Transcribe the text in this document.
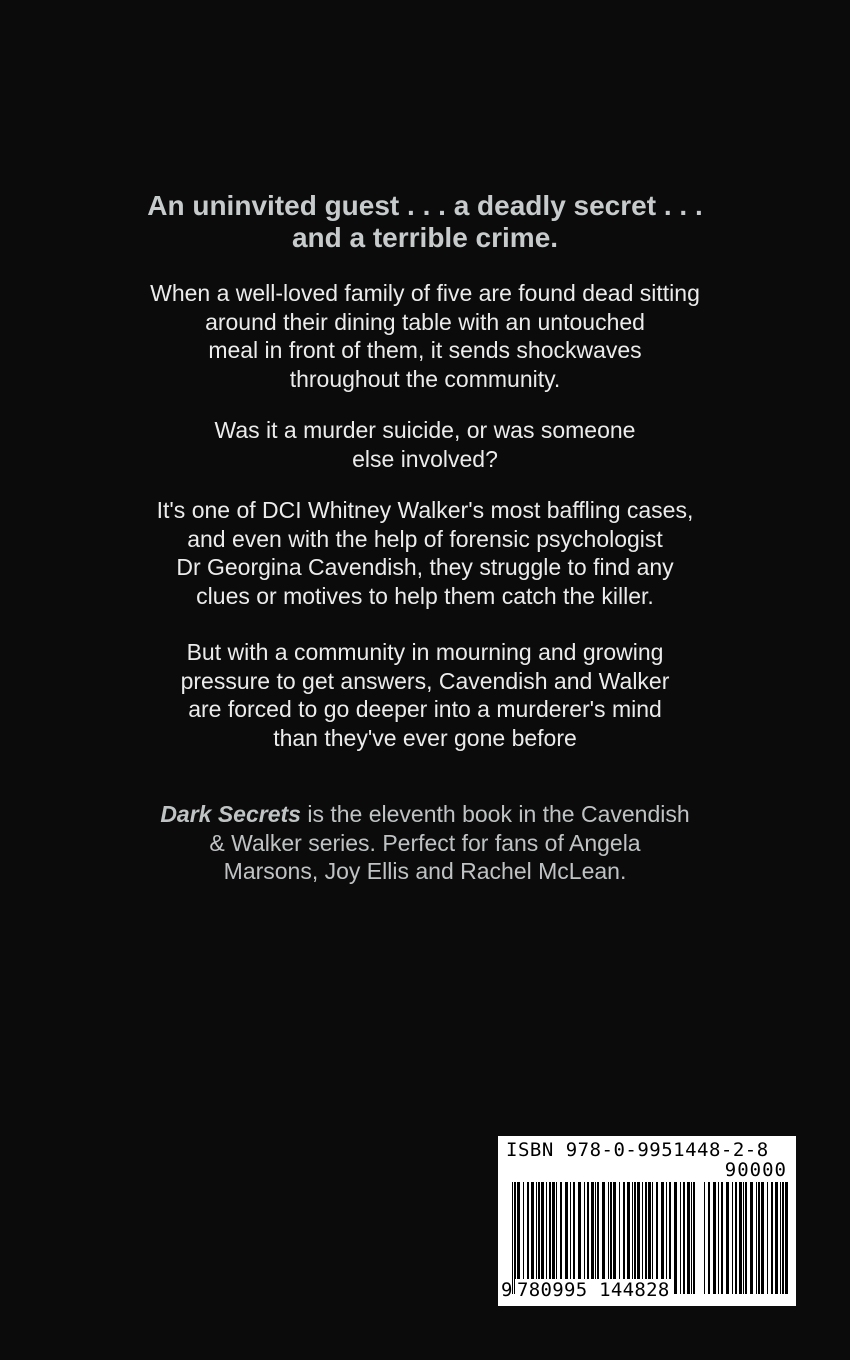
An uninvited guest . . . a deadly secret . . .
and a terrible crime.
When a well-loved family of five are found dead sitting
around their dining table with an untouched
meal in front of them, it sends shockwaves
throughout the community.
Was it a murder suicide, or was someone
else involved?
It's one of DCI Whitney Walker's most baffling cases,
and even with the help of forensic psychologist
Dr Georgina Cavendish, they struggle to find any
clues or motives to help them catch the killer.
But with a community in mourning and growing
pressure to get answers, Cavendish and Walker
are forced to go deeper into a murderer's mind
than they've ever gone before
Dark Secrets is the eleventh book in the Cavendish
& Walker series. Perfect for fans of Angela
Marsons, Joy Ellis and Rachel McLean.
ISBN 978-0-9951448-2-8
90000
9 780995 144828
